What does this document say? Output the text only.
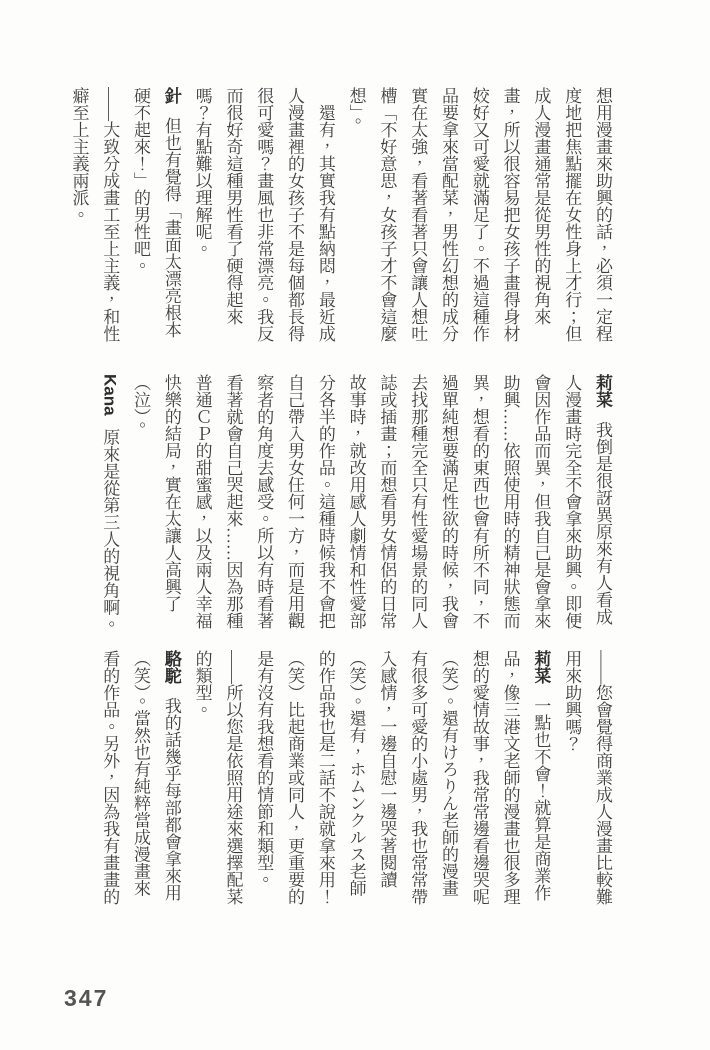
想用漫畫來助興的話，必須一定程度地把焦點擺在女性身上才行；但成人漫畫通常是從男性的視角來畫，所以很容易把女孩子畫得身材姣好又可愛就滿足了。不過這種作品要拿來當配菜，男性幻想的成分實在太強，看著看著只會讓人想吐槽「不好意思，女孩子才不會這麼想」。

還有，其實我有點納悶，最近成人漫畫裡的女孩子不是每個都長得很可愛嗎？畫風也非常漂亮。我反而很好奇這種男性看了硬得起來嗎？有點難以理解呢。

針但也有覺得「畫面太漂亮根本硬不起來！」的男性吧。

——大致分成畫工至上主義，和性癖至上主義兩派。

莉菜我倒是很訝異原來有人看成人漫畫時完全不會拿來助興。即便會因作品而異，但我自己是會拿來助興……依照使用時的精神狀態而異，想看的東西也會有所不同，不過單純想要滿足性欲的時候，我會去找那種完全只有性愛場景的同人誌或插畫；而想看男女情侶的日常故事時，就改用感人劇情和性愛部分各半的作品。這種時候我不會把自己帶入男女任何一方，而是用觀察者的角度去感受。所以有時看著看著就會自己哭起來……因為那種普通ＣＰ的甜蜜感，以及兩人幸福快樂的結局，實在太讓人高興了（泣）。

Kana原來是從第三人的視角啊。

——您會覺得商業成人漫畫比較難用來助興嗎？

莉菜一點也不會！就算是商業作品，像三港文老師的漫畫也很多理想的愛情故事，我常常邊看邊哭呢（笑）。還有けろりん老師的漫畫有很多可愛的小處男，我也常常帶入感情，一邊自慰一邊哭著閱讀（笑）。還有，ホムンクルス老師的作品我也是二話不說就拿來用！（笑）比起商業或同人，更重要的是有沒有我想看的情節和類型。

——所以您是依照用途來選擇配菜的類型。

駱駝我的話幾乎每部都會拿來用（笑）。當然也有純粹當成漫畫來看的作品。另外，因為我有畫畫的

347
